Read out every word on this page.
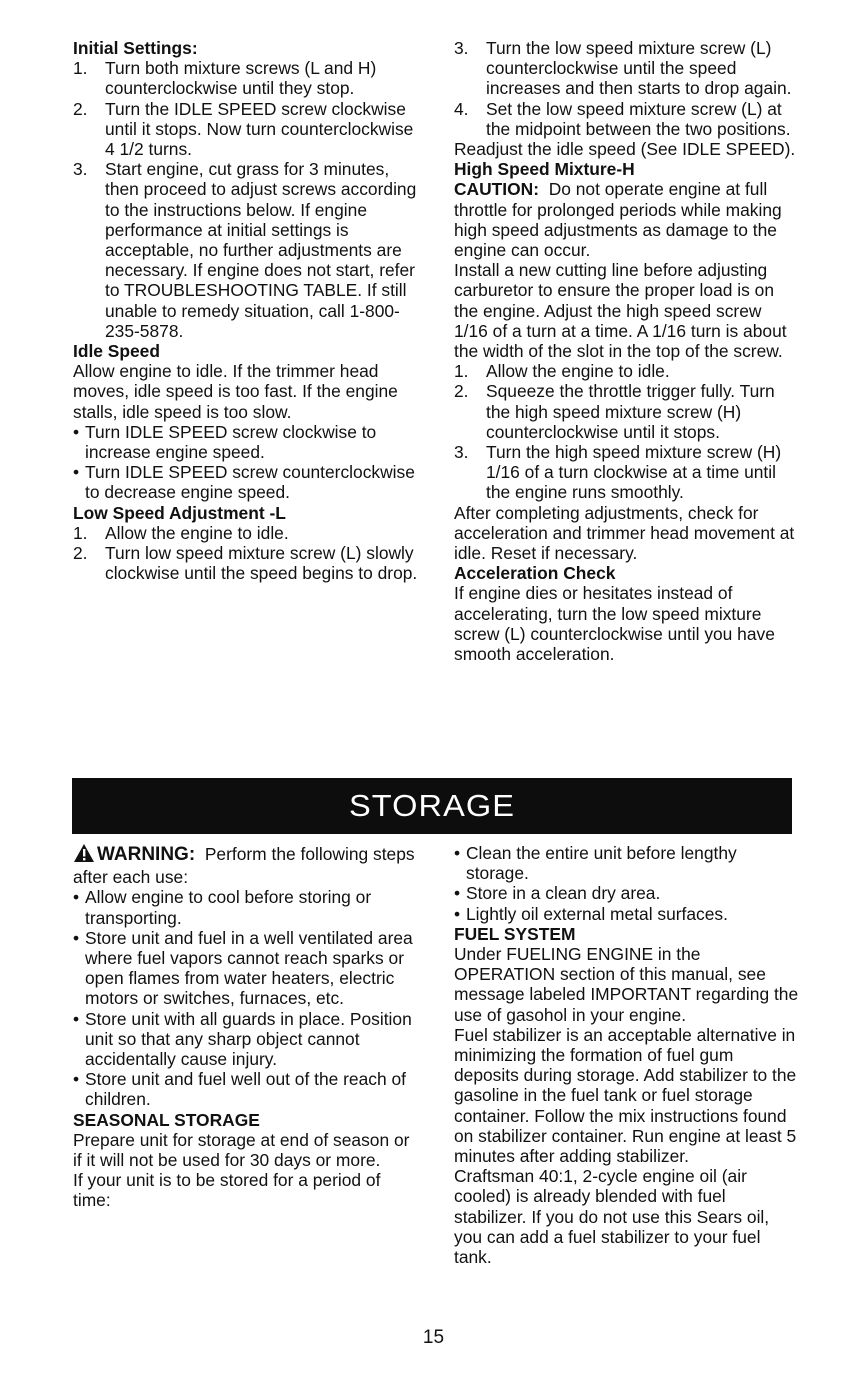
Initial Settings:

1. Turn both mixture screws (L and H) counterclockwise until they stop.
2. Turn the IDLE SPEED screw clockwise until it stops. Now turn counterclockwise 4 1/2 turns.
3. Start engine, cut grass for 3 minutes, then proceed to adjust screws according to the instructions below. If engine performance at initial settings is acceptable, no further adjustments are necessary. If engine does not start, refer to TROUBLESHOOTING TABLE. If still unable to remedy situation, call 1-800-235-5878.

Idle Speed

Allow engine to idle. If the trimmer head moves, idle speed is too fast. If the engine stalls, idle speed is too slow.

• Turn IDLE SPEED screw clockwise to increase engine speed.
• Turn IDLE SPEED screw counterclockwise to decrease engine speed.

Low Speed Adjustment -L

1. Allow the engine to idle.
2. Turn low speed mixture screw (L) slowly clockwise until the speed begins to drop.
3. Turn the low speed mixture screw (L) counterclockwise until the speed increases and then starts to drop again.
4. Set the low speed mixture screw (L) at the midpoint between the two positions.

Readjust the idle speed (See IDLE SPEED).

High Speed Mixture-H

CAUTION: Do not operate engine at full throttle for prolonged periods while making high speed adjustments as damage to the engine can occur.

Install a new cutting line before adjusting carburetor to ensure the proper load is on the engine. Adjust the high speed screw 1/16 of a turn at a time. A 1/16 turn is about the width of the slot in the top of the screw.

1. Allow the engine to idle.
2. Squeeze the throttle trigger fully. Turn the high speed mixture screw (H) counterclockwise until it stops.
3. Turn the high speed mixture screw (H) 1/16 of a turn clockwise at a time until the engine runs smoothly.

After completing adjustments, check for acceleration and trimmer head movement at idle. Reset if necessary.

Acceleration Check

If engine dies or hesitates instead of accelerating, turn the low speed mixture screw (L) counterclockwise until you have smooth acceleration.

STORAGE

WARNING: Perform the following steps after each use:

• Allow engine to cool before storing or transporting.
• Store unit and fuel in a well ventilated area where fuel vapors cannot reach sparks or open flames from water heaters, electric motors or switches, furnaces, etc.
• Store unit with all guards in place. Position unit so that any sharp object cannot accidentally cause injury.
• Store unit and fuel well out of the reach of children.

SEASONAL STORAGE

Prepare unit for storage at end of season or if it will not be used for 30 days or more.

If your unit is to be stored for a period of time:

• Clean the entire unit before lengthy storage.
• Store in a clean dry area.
• Lightly oil external metal surfaces.

FUEL SYSTEM

Under FUELING ENGINE in the OPERATION section of this manual, see message labeled IMPORTANT regarding the use of gasohol in your engine.

Fuel stabilizer is an acceptable alternative in minimizing the formation of fuel gum deposits during storage. Add stabilizer to the gasoline in the fuel tank or fuel storage container. Follow the mix instructions found on stabilizer container. Run engine at least 5 minutes after adding stabilizer.

Craftsman 40:1, 2-cycle engine oil (air cooled) is already blended with fuel stabilizer. If you do not use this Sears oil, you can add a fuel stabilizer to your fuel tank.

15
